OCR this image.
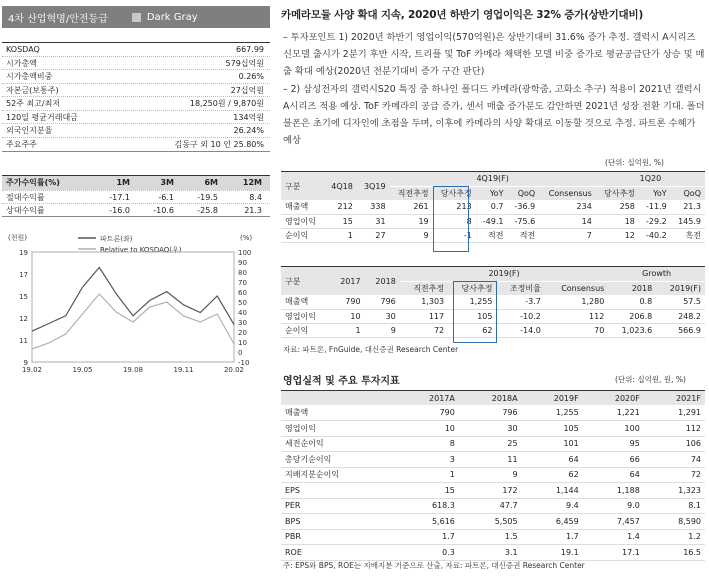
4차 산업혁명/안전등급	Dark Gray
KOSDAQ	667.99
시가총액	579십억원
시가총액비중	0.26%
자본금(보통주)	27십억원
52주 최고/최저	18,250원 / 9,870원
120일 평균거래대금	134억원
외국인지분율	26.24%
주요주주	김동구 외 10 인 25.80%
주가수익률(%)	1M	3M	6M	12M
절대수익률	-17.1	-6.1	-19.5	8.4
상대수익률	-16.0	-10.6	-25.8	21.3
(천원)	(%)
파트론(좌)
Relative to KOSDAQ(우)
19
17
15
12
11
9
100
90
80
70
60
50
40
30
20
10
0
-10
19.02	19.05	19.08	19.11	20.02
카메라모듈 사양 확대 지속, 2020년 하반기 영업이익은 32% 증가(상반기대비)
– 투자포인트 1) 2020년 하반기 영업이익(570억원)은 상반기대비 31.6% 증가 추정. 갤럭시 A시리즈 신모델 출시가 2분기 후반 시작, 트리플 및 ToF 카메라 채택한 모델 비중 증가로 평균공급단가 상승 및 매출 확대 예상(2020년 전분기대비 증가 구간 판단)
– 2) 삼성전자의 갤럭시S20 특징 중 하나인 폴디드 카메라(광학줌, 고화소 추구) 적용이 2021년 갤럭시A시리즈 적용 예상. ToF 카메라의 공급 증가, 센서 매출 증가분도 감안하면 2021년 성장 전환 기대. 폴더블폰은 초기에 디자인에 초점을 두며, 이후에 카메라의 사양 확대로 이동할 것으로 추정. 파트론 수혜가 예상
(단위: 십억원, %)
구분	4Q18	3Q19	4Q19(F)					1Q20		
			직전추정	당사추정	YoY	QoQ	Consensus	당사추정	YoY	QoQ
매출액	212	338	261	213	0.7	-36.9	234	258	-11.9	21.3
영업이익	15	31	19	8	-49.1	-75.6	14	18	-29.2	145.9
순이익	1	27	9	-1	적전	적전	7	12	-40.2	흑전
구분	2017	2018	2019(F)				Growth	
			직전추정	당사추정	조정비율	Consensus	2018	2019(F)
매출액	790	796	1,303	1,255	-3.7	1,280	0.8	57.5
영업이익	10	30	117	105	-10.2	112	206.8	248.2
순이익	1	9	72	62	-14.0	70	1,023.6	566.9
자료: 파트론, FnGuide, 대신증권 Research Center
영업실적 및 주요 투자지표	(단위: 십억원, 원, %)
	2017A	2018A	2019F	2020F	2021F
매출액	790	796	1,255	1,221	1,291
영업이익	10	30	105	100	112
세전순이익	8	25	101	95	106
총당기순이익	3	11	64	66	74
지배지분순이익	1	9	62	64	72
EPS	15	172	1,144	1,188	1,323
PER	618.3	47.7	9.4	9.0	8.1
BPS	5,616	5,505	6,459	7,457	8,590
PBR	1.7	1.5	1.7	1.4	1.2
ROE	0.3	3.1	19.1	17.1	16.5
주: EPS와 BPS, ROE는 지배지분 기준으로 산출, 자료: 파트론, 대신증권 Research Center
